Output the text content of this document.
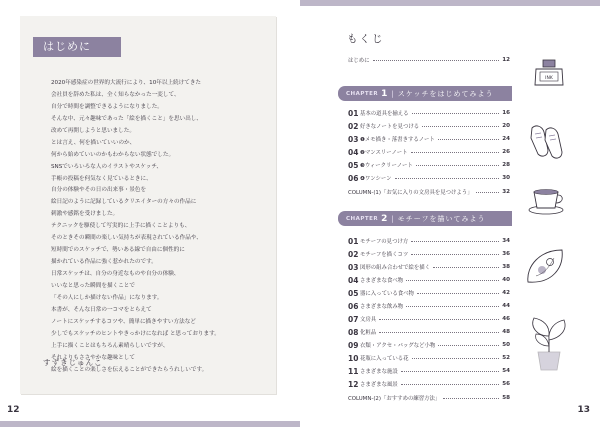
はじめに
2020年感染症の世界的大流行により、10年以上続けてきた
会社員を辞めた私は、全く知らなかった一変して、
自分で時間を調整できるようになりました。
そんな中、元々趣味であった「絵を描くこと」を思い出し、
改めて再開しようと思いました。
とは言え、何を描いていいのか、
何から始めていいのかもわからない状態でした。
SNSでいろいろな人のイラストやスケッチ、
手帳の投稿を何気なく見ているときに、
自分の体験やその日の出来事・景色を
絵日記のように記録しているクリエイターの方々の作品に
刺激や感銘を受けました。
テクニックを駆使して写実的に上手に描くことよりも、
そのときその瞬間の楽しい気持ちが表現されている作品や、
短時間でのスケッチで、勢いある線で自由に個性的に
描かれている作品に強く惹かれたのです。
日常スケッチは、自分の身近なものや自分の体験、
いいなと思った瞬間を描くことで
「その人にしか描けない作品」になります。
本書が、そんな日常の一コマをとらえて
ノートにスケッチするコツや、簡単に描きやすい方法など
少しでもスケッチのヒントやきっかけになれば と思っております。
上手に描くことはもちろん素晴らしいですが、
それよりもささやかな趣味として
絵を描くことの楽しさを伝えることができたらうれしいです。
すずきじゅんこ
12
もくじ
はじめに	12
CHAPTER 1 | スケッチをはじめてみよう
01 基本の道具を揃える	16
02 好きなノートを見つける	20
03 ❶メモ描き・落書きするノート	24
04 ❷マンスリーノート	26
05 ❸ウィークリーノート	28
06 ❹ワンシーン	30
COLUMN-(1)「お気に入りの文房具を見つけよう」	32
CHAPTER 2 | モチーフを描いてみよう
01 モチーフの見つけ方	34
02 モチーフを描くコツ	36
03 図形の組み合わせで絵を描く	38
04 さまざまな食べ物	40
05 器に入っている食べ物	42
06 さまざまな飲み物	44
07 文房具	46
08 化粧品	48
09 衣類・アクセ・バッグなど小物	50
10 花瓶に入っている花	52
11 さまざまな施設	54
12 さまざまな風景	56
COLUMN-(2)「おすすめの練習方法」	58
INK
13
